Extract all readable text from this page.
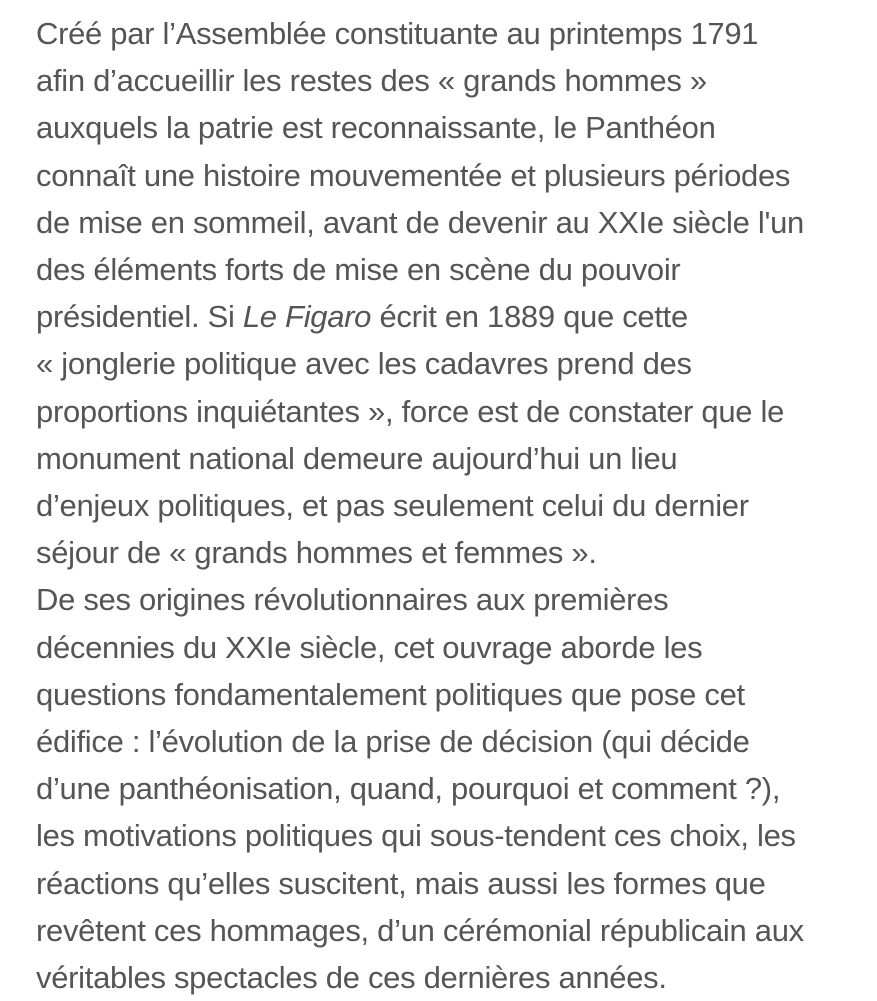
Créé par l’Assemblée constituante au printemps 1791
afin d’accueillir les restes des « grands hommes »
auxquels la patrie est reconnaissante, le Panthéon
connaît une histoire mouvementée et plusieurs périodes
de mise en sommeil, avant de devenir au XXIe siècle l'un
des éléments forts de mise en scène du pouvoir
présidentiel. Si Le Figaro écrit en 1889 que cette
« jonglerie politique avec les cadavres prend des
proportions inquiétantes », force est de constater que le
monument national demeure aujourd’hui un lieu
d’enjeux politiques, et pas seulement celui du dernier
séjour de « grands hommes et femmes ».
De ses origines révolutionnaires aux premières
décennies du XXIe siècle, cet ouvrage aborde les
questions fondamentalement politiques que pose cet
édifice : l’évolution de la prise de décision (qui décide
d’une panthéonisation, quand, pourquoi et comment ?),
les motivations politiques qui sous-tendent ces choix, les
réactions qu’elles suscitent, mais aussi les formes que
revêtent ces hommages, d’un cérémonial républicain aux
véritables spectacles de ces dernières années.
